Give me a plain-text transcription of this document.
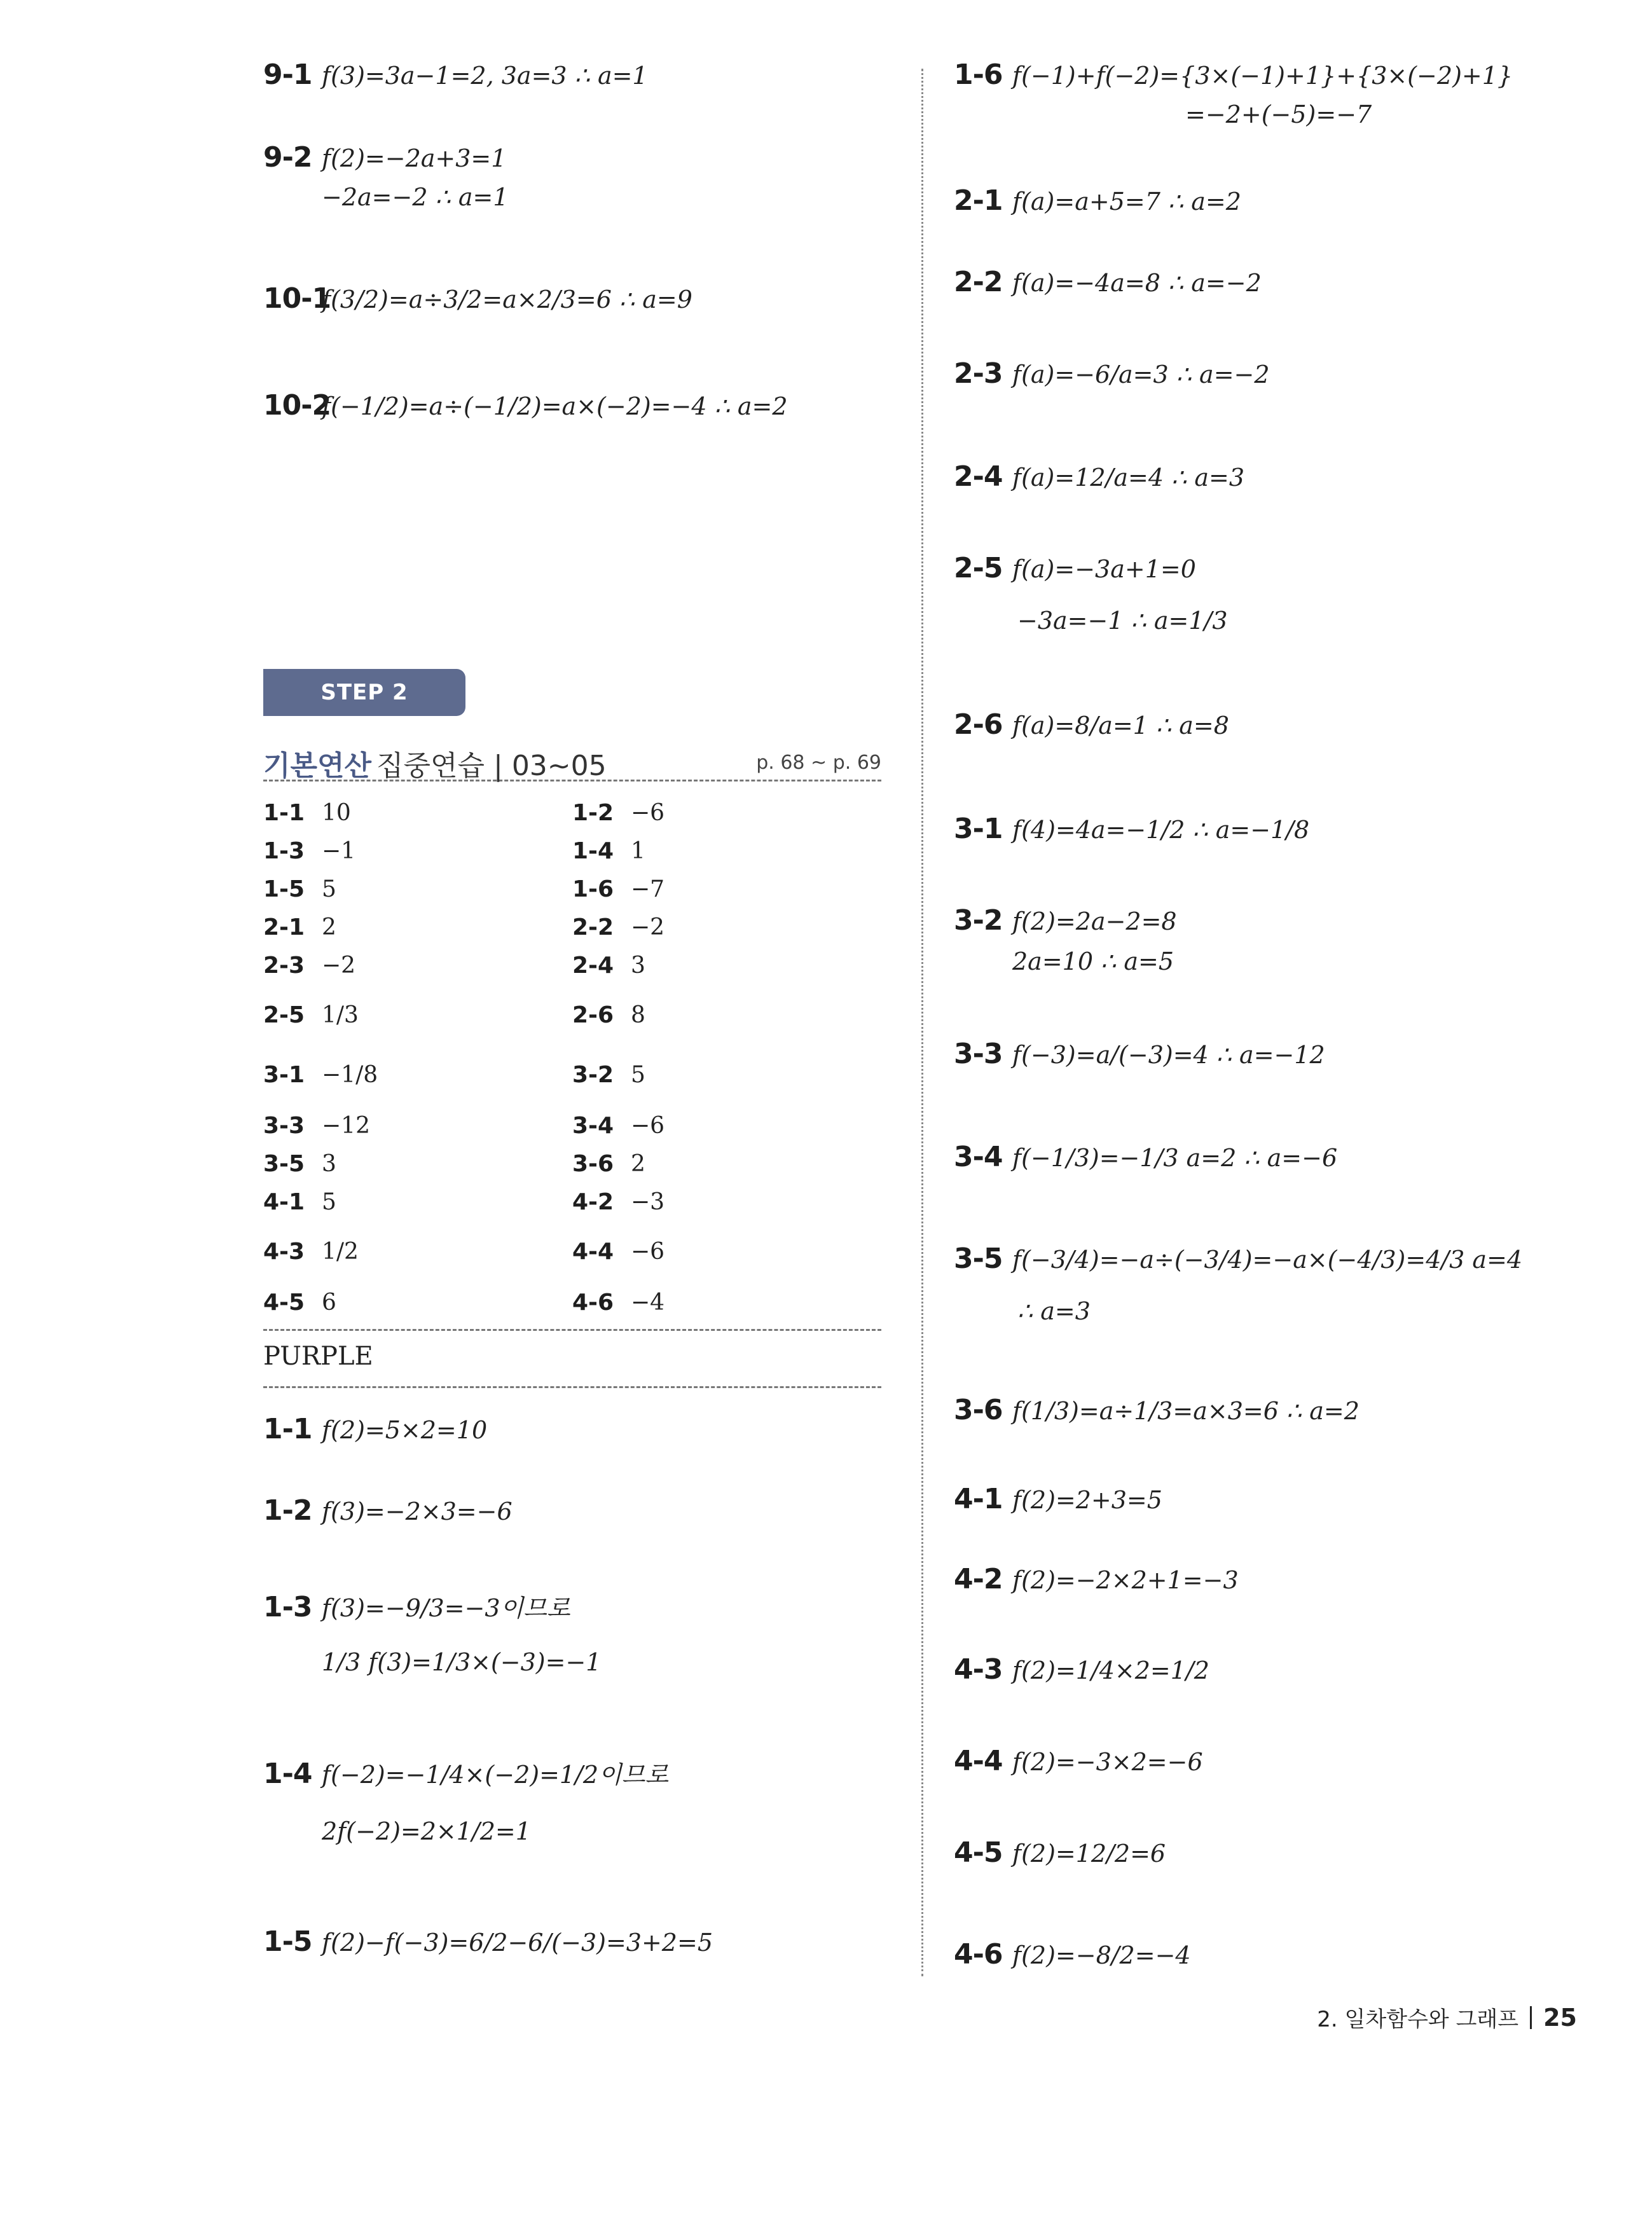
9-1 f(3)=3a−1=2, 3a=3 ∴ a=1
9-2 f(2)=−2a+3=1
−2a=−2 ∴ a=1
10-1
f(3/2)=a÷3/2=a×2/3=6 ∴ a=9
10-2
f(−1/2)=a÷(−1/2)=a×(−2)=−4 ∴ a=2
STEP 2
기본연산 집중연습 | 03~05	p. 68 ~ p. 69
1-1 10	1-2 −6
1-3 −1	1-4 1
1-5 5	1-6 −7
2-1 2	2-2 −2
2-3 −2	2-4 3
2-5 1/3	2-6 8
3-1 −1/8	3-2 5
3-3 −12	3-4 −6
3-5 3	3-6 2
4-1 5	4-2 −3
4-3 1/2	4-4 −6
4-5 6	4-6 −4
PURPLE
1-1 f(2)=5×2=10
1-2 f(3)=−2×3=−6
1-3 f(3)=−9/3=−3이므로
1/3 f(3)=1/3×(−3)=−1
1-4 f(−2)=−1/4×(−2)=1/2이므로
2f(−2)=2×1/2=1
1-5 f(2)−f(−3)=6/2−6/(−3)=3+2=5
1-6 f(−1)+f(−2)={3×(−1)+1}+{3×(−2)+1}
=−2+(−5)=−7
2-1 f(a)=a+5=7 ∴ a=2
2-2 f(a)=−4a=8 ∴ a=−2
2-3 f(a)=−6/a=3 ∴ a=−2
2-4 f(a)=12/a=4 ∴ a=3
2-5 f(a)=−3a+1=0
−3a=−1 ∴ a=1/3
2-6 f(a)=8/a=1 ∴ a=8
3-1 f(4)=4a=−1/2 ∴ a=−1/8
3-2 f(2)=2a−2=8
2a=10 ∴ a=5
3-3 f(−3)=a/(−3)=4 ∴ a=−12
3-4 f(−1/3)=−1/3 a=2 ∴ a=−6
3-5 f(−3/4)=−a÷(−3/4)=−a×(−4/3)=4/3 a=4
∴ a=3
3-6 f(1/3)=a÷1/3=a×3=6 ∴ a=2
4-1 f(2)=2+3=5
4-2 f(2)=−2×2+1=−3
4-3 f(2)=1/4×2=1/2
4-4 f(2)=−3×2=−6
4-5 f(2)=12/2=6
4-6 f(2)=−8/2=−4
2. 일차함수와 그래프 25
